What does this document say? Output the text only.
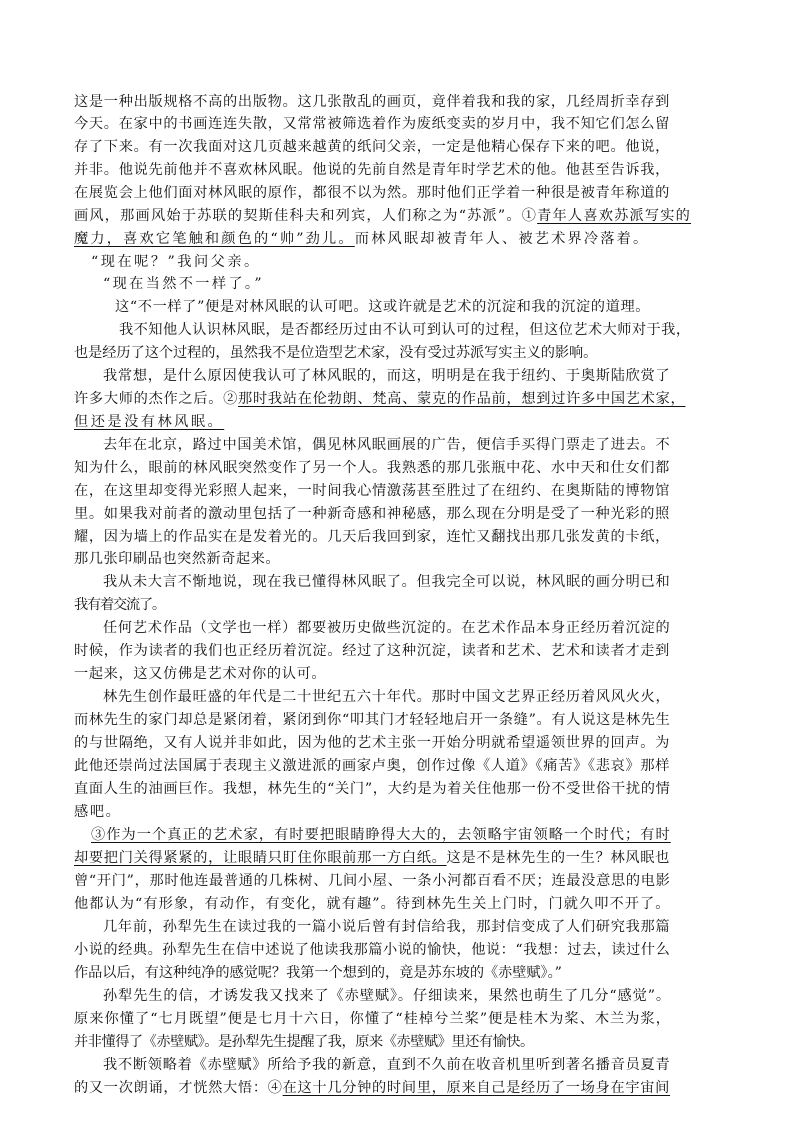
这是一种出版规格不高的出版物。这几张散乱的画页，竟伴着我和我的家，几经周折幸存到
今天。在家中的书画连连失散，又常常被筛选着作为废纸变卖的岁月中，我不知它们怎么留
存了下来。有一次我面对这几页越来越黄的纸问父亲，一定是他精心保存下来的吧。他说，
并非。他说先前他并不喜欢林风眠。他说的先前自然是青年时学艺术的他。他甚至告诉我，
在展览会上他们面对林风眠的原作，都很不以为然。那时他们正学着一种很是被青年称道的
画风，那画风始于苏联的契斯佳科夫和列宾，人们称之为“苏派”。①青年人喜欢苏派写实的
魔力，喜欢它笔触和颜色的“帅”劲儿。而林风眠却被青年人、被艺术界冷落着。
“现在呢？”我问父亲。
“现在当然不一样了。”
这“不一样了”便是对林风眠的认可吧。这或许就是艺术的沉淀和我的沉淀的道理。
我不知他人认识林风眠，是否都经历过由不认可到认可的过程，但这位艺术大师对于我，
也是经历了这个过程的，虽然我不是位造型艺术家，没有受过苏派写实主义的影响。
我常想，是什么原因使我认可了林风眠的，而这，明明是在我于纽约、于奥斯陆欣赏了
许多大师的杰作之后。②那时我站在伦勃朗、梵高、蒙克的作品前，想到过许多中国艺术家，
但还是没有林风眠。
去年在北京，路过中国美术馆，偶见林风眠画展的广告，便信手买得门票走了进去。不
知为什么，眼前的林风眠突然变作了另一个人。我熟悉的那几张瓶中花、水中天和仕女们都
在，在这里却变得光彩照人起来，一时间我心情激荡甚至胜过了在纽约、在奥斯陆的博物馆
里。如果我对前者的激动里包括了一种新奇感和神秘感，那么现在分明是受了一种光彩的照
耀，因为墙上的作品实在是发着光的。几天后我回到家，连忙又翻找出那几张发黄的卡纸，
那几张印刷品也突然新奇起来。
我从未大言不惭地说，现在我已懂得林风眠了。但我完全可以说，林风眠的画分明已和
我有着交流了。
任何艺术作品（文学也一样）都要被历史做些沉淀的。在艺术作品本身正经历着沉淀的
时候，作为读者的我们也正经历着沉淀。经过了这种沉淀，读者和艺术、艺术和读者才走到
一起来，这又仿佛是艺术对你的认可。
林先生创作最旺盛的年代是二十世纪五六十年代。那时中国文艺界正经历着风风火火，
而林先生的家门却总是紧闭着，紧闭到你“叩其门才轻轻地启开一条缝”。有人说这是林先生
的与世隔绝，又有人说并非如此，因为他的艺术主张一开始分明就希望遥领世界的回声。为
此他还崇尚过法国属于表现主义激进派的画家卢奥，创作过像《人道》《痛苦》《悲哀》那样
直面人生的油画巨作。我想，林先生的“关门”，大约是为着关住他那一份不受世俗干扰的情
感吧。
③作为一个真正的艺术家，有时要把眼睛睁得大大的，去领略宇宙领略一个时代；有时
却要把门关得紧紧的，让眼睛只盯住你眼前那一方白纸。这是不是林先生的一生？林风眠也
曾“开门”，那时他连最普通的几株树、几间小屋、一条小河都百看不厌；连最没意思的电影
他都认为“有形象，有动作，有变化，就有趣”。待到林先生关上门时，门就久叩不开了。
几年前，孙犁先生在读过我的一篇小说后曾有封信给我，那封信变成了人们研究我那篇
小说的经典。孙犁先生在信中述说了他读我那篇小说的愉快，他说：“我想：过去，读过什么
作品以后，有这种纯净的感觉呢？我第一个想到的，竟是苏东坡的《赤壁赋》。”
孙犁先生的信，才诱发我又找来了《赤壁赋》。仔细读来，果然也萌生了几分“感觉”。
原来你懂了“七月既望”便是七月十六日，你懂了“桂棹兮兰桨”便是桂木为桨、木兰为浆，
并非懂得了《赤壁赋》。是孙犁先生提醒了我，原来《赤壁赋》里还有愉快。
我不断领略着《赤壁赋》所给予我的新意，直到不久前在收音机里听到著名播音员夏青
的又一次朗诵，才恍然大悟：④在这十几分钟的时间里，原来自己是经历了一场身在宇宙间
